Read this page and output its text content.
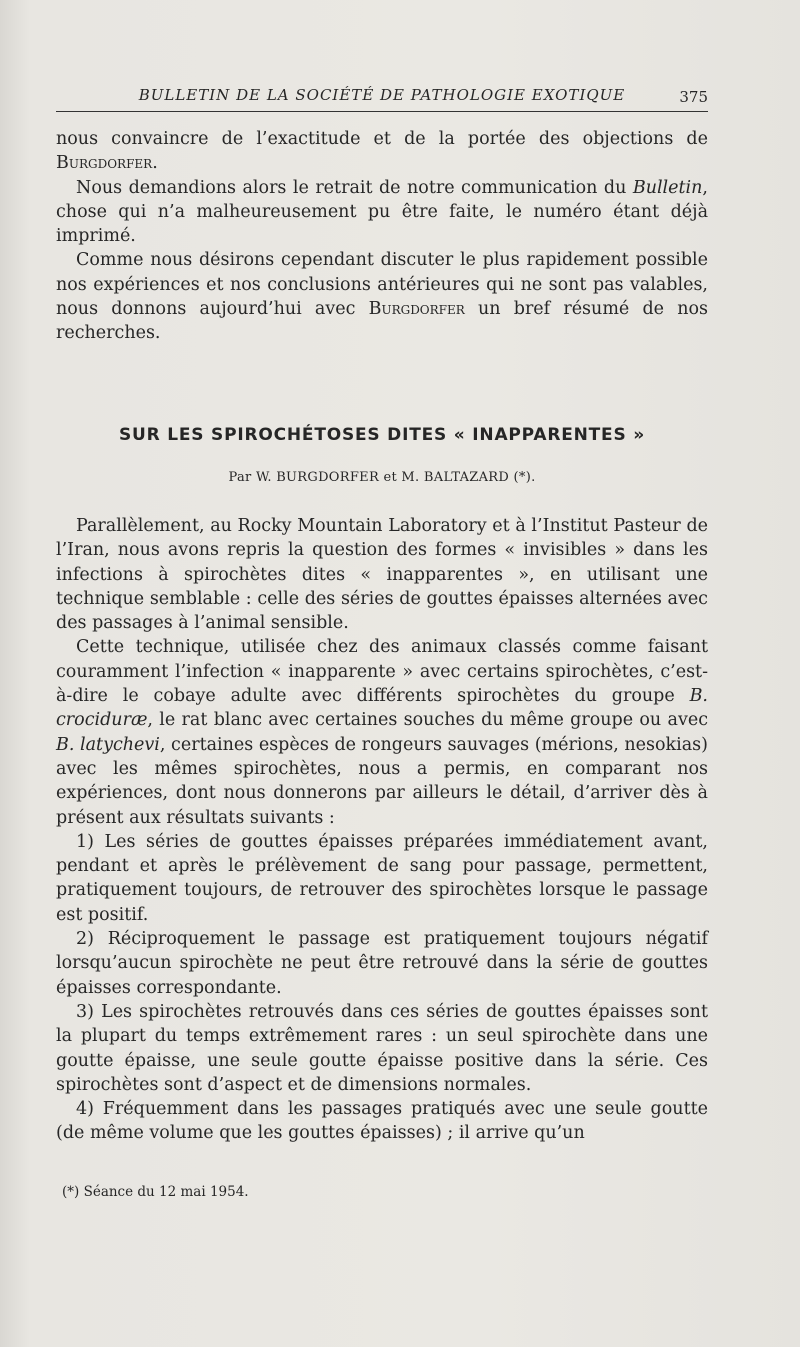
BULLETIN DE LA SOCIÉTÉ DE PATHOLOGIE EXOTIQUE	375

nous convaincre de l’exactitude et de la portée des objections de Burgdorfer.

Nous demandions alors le retrait de notre communication du Bulletin, chose qui n’a malheureusement pu être faite, le numéro étant déjà imprimé.

Comme nous désirons cependant discuter le plus rapidement possible nos expériences et nos conclusions antérieures qui ne sont pas valables, nous donnons aujourd’hui avec Burgdorfer un bref résumé de nos recherches.

SUR LES SPIROCHÉTOSES DITES « INAPPARENTES »
Par W. BURGDORFER et M. BALTAZARD (*).

Parallèlement, au Rocky Mountain Laboratory et à l’Institut Pasteur de l’Iran, nous avons repris la question des formes « invisibles » dans les infections à spirochètes dites « inapparentes », en utilisant une technique semblable : celle des séries de gouttes épaisses alternées avec des passages à l’animal sensible.

Cette technique, utilisée chez des animaux classés comme faisant couramment l’infection « inapparente » avec certains spirochètes, c’est-à-dire le cobaye adulte avec différents spirochètes du groupe B. crociduræ, le rat blanc avec certaines souches du même groupe ou avec B. latychevi, certaines espèces de rongeurs sauvages (mérions, nesokias) avec les mêmes spirochètes, nous a permis, en comparant nos expériences, dont nous donnerons par ailleurs le détail, d’arriver dès à présent aux résultats suivants :

1) Les séries de gouttes épaisses préparées immédiatement avant, pendant et après le prélèvement de sang pour passage, permettent, pratiquement toujours, de retrouver des spirochètes lorsque le passage est positif.

2) Réciproquement le passage est pratiquement toujours négatif lorsqu’aucun spirochète ne peut être retrouvé dans la série de gouttes épaisses correspondante.

3) Les spirochètes retrouvés dans ces séries de gouttes épaisses sont la plupart du temps extrêmement rares : un seul spirochète dans une goutte épaisse, une seule goutte épaisse positive dans la série. Ces spirochètes sont d’aspect et de dimensions normales.

4) Fréquemment dans les passages pratiqués avec une seule goutte (de même volume que les gouttes épaisses) ; il arrive qu’un

(*) Séance du 12 mai 1954.
